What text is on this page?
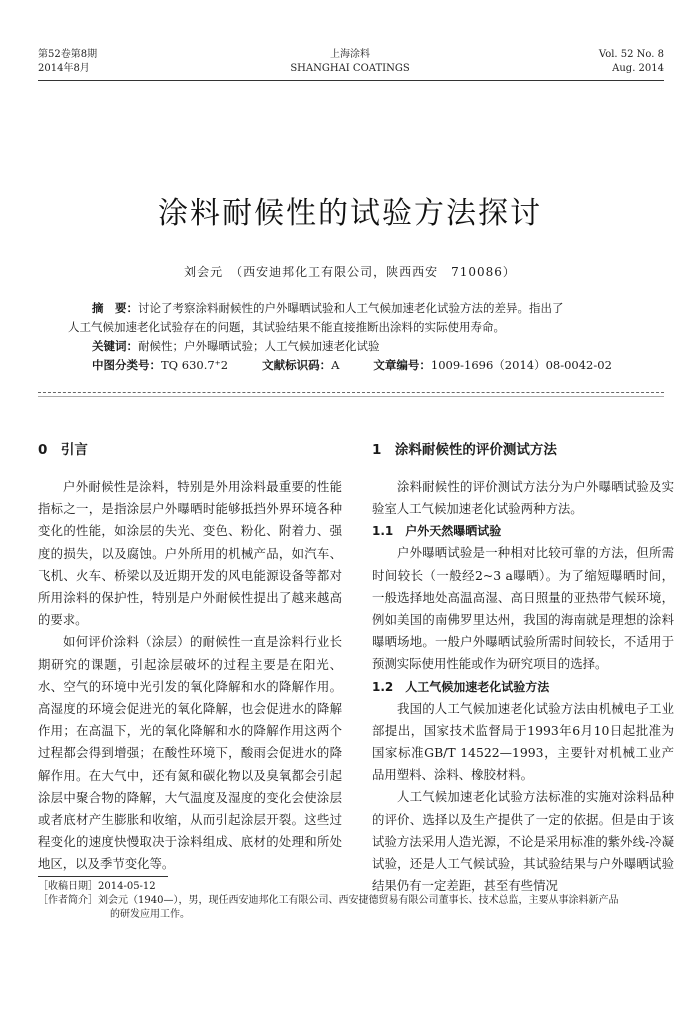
第52卷第8期
2014年8月
上海涂料
SHANGHAI COATINGS
Vol. 52 No. 8
Aug. 2014
涂料耐候性的试验方法探讨
刘会元　（西安迪邦化工有限公司，陕西西安　710086）

摘　要：讨论了考察涂料耐候性的户外曝晒试验和人工气候加速老化试验方法的差异。指出了

人工气候加速老化试验存在的问题，其试验结果不能直接推断出涂料的实际使用寿命。

关键词：耐候性；户外曝晒试验；人工气候加速老化试验

中图分类号：TQ 630.7⁺2	文献标识码：A	文章编号：1009-1696（2014）08-0042-02
0　引言

户外耐候性是涂料，特别是外用涂料最重要的性能指标之一，是指涂层户外曝晒时能够抵挡外界环境各种变化的性能，如涂层的失光、变色、粉化、附着力、强度的损失，以及腐蚀。户外所用的机械产品，如汽车、飞机、火车、桥梁以及近期开发的风电能源设备等都对所用涂料的保护性，特别是户外耐候性提出了越来越高的要求。

如何评价涂料（涂层）的耐候性一直是涂料行业长期研究的课题，引起涂层破坏的过程主要是在阳光、水、空气的环境中光引发的氧化降解和水的降解作用。高湿度的环境会促进光的氧化降解，也会促进水的降解作用；在高温下，光的氧化降解和水的降解作用这两个过程都会得到增强；在酸性环境下，酸雨会促进水的降解作用。在大气中，还有氮和碳化物以及臭氧都会引起涂层中聚合物的降解，大气温度及湿度的变化会使涂层或者底材产生膨胀和收缩，从而引起涂层开裂。这些过程变化的速度快慢取决于涂料组成、底材的处理和所处地区，以及季节变化等。

1　涂料耐候性的评价测试方法

涂料耐候性的评价测试方法分为户外曝晒试验及实验室人工气候加速老化试验两种方法。

1.1　户外天然曝晒试验

户外曝晒试验是一种相对比较可靠的方法，但所需时间较长（一般经2~3 a曝晒）。为了缩短曝晒时间，一般选择地处高温高湿、高日照量的亚热带气候环境，例如美国的南佛罗里达州，我国的海南就是理想的涂料曝晒场地。一般户外曝晒试验所需时间较长，不适用于预测实际使用性能或作为研究项目的选择。

1.2　人工气候加速老化试验方法

我国的人工气候加速老化试验方法由机械电子工业部提出，国家技术监督局于1993年6月10日起批准为国家标准GB/T 14522—1993，主要针对机械工业产品用塑料、涂料、橡胶材料。

人工气候加速老化试验方法标准的实施对涂料品种的评价、选择以及生产提供了一定的依据。但是由于该试验方法采用人造光源，不论是采用标准的紫外线-冷凝试验，还是人工气候试验，其试验结果与户外曝晒试验结果仍有一定差距，甚至有些情况

［收稿日期］2014-05-12

［作者简介］刘会元（1940—），男，现任西安迪邦化工有限公司、西安捷德贸易有限公司董事长、技术总监，主要从事涂料新产品

的研发应用工作。
